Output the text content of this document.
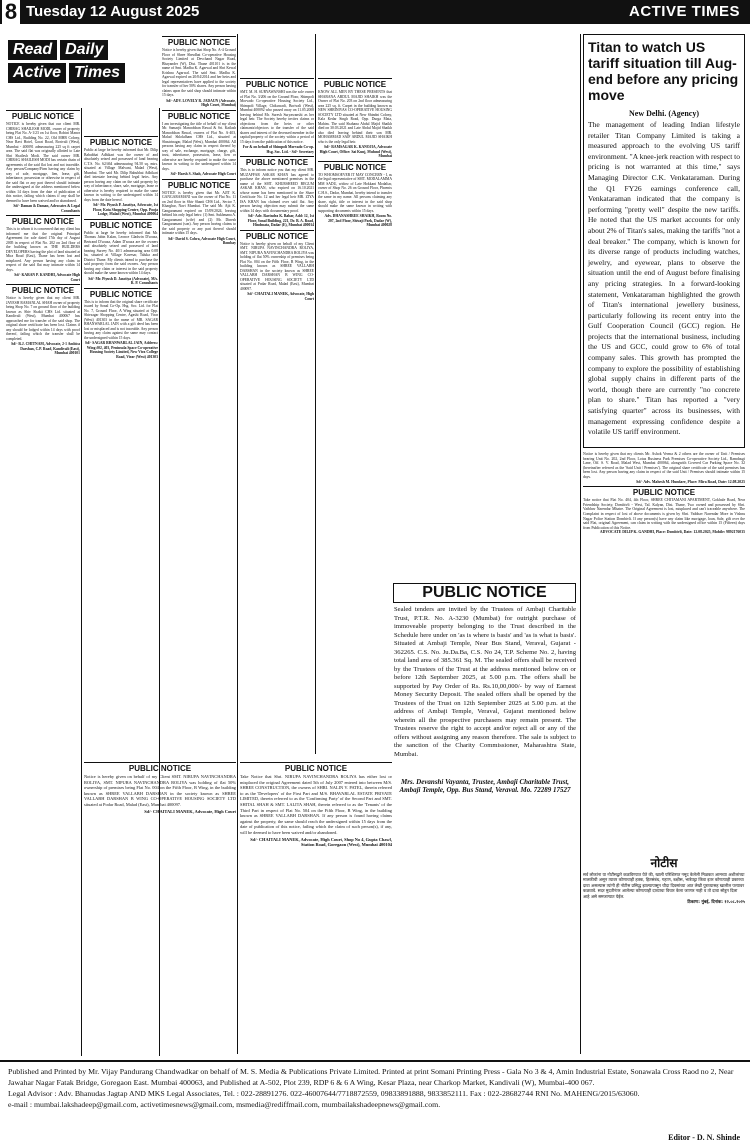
8 Tuesday 12 August 2025	ACTIVE TIMES
Read Daily
Active Times
PUBLIC NOTICE

NOTICE is hereby given that our client MR. CHIRAG SHAILESH MODI, owner of property being Flat No. A-1/23 on 1st floor, Rohini Manor CHS Ltd., Building No. 22, Old MHB Colony, Near Ravi Hotel, Gorai Road, Borivali (West), Mumbai - 400091 admeasuring 225 sq ft carpet area. The said flat was originally allotted to Late Shri Shailesh Modi. The said owner MR. CHIRAG SHAILESH MODI has certain chain of agreements of the said flat lost and not traceable. Any person/Company/Firm having any claim by way of sale, mortgage, lien, lease, gift, inheritance, possession or otherwise in respect of the said flat or any part thereof should intimate the undersigned at the address mentioned below within 14 days from the date of publication of this notice, failing which claims if any shall be deemed to have been waived and/or abandoned.

Sd/- Daman & Daman, Advocates & Legal Consultants

PUBLIC NOTICE

This is to whom it is concerned that my client has informed me that the original Principal Agreement for sale dated 17th day of August 2005 in respect of Flat No. 202 on 2nd floor of the building known as THE BUILDERS DEVELOPERS having the plot of land situated at Mira Road (East), Thane has been lost and misplaced. Any person having any claim in respect of the said flat may intimate within 14 days.

Sd/- KARAN P. KANDHI, Advocate High Court

PUBLIC NOTICE

Notice is hereby given that my client MR. JAYESH RAMANLAL SHAH owner of property being Shop No. 7 on ground floor of the building known as Shiv Shakti CHS Ltd. situated at Kandivali (West), Mumbai 400067 has approached me for transfer of the said shop. The original share certificate has been lost. Claims if any should be lodged within 14 days with proof thereof, failing which the transfer shall be completed.

Sd/- R.J. CHITNAM, Advocate, 2-1 Ambica Darshan, C.P. Road, Kandivali (East), Mumbai 400101

PUBLIC NOTICE

Public at large be hereby informed that Mr. Dilip Babubhai Adhikari was the owner of and absolutely seized and possessed of land bearing C.T.S. No. 62/464 admeasuring 94.50 sq. mtrs. situated at Village Malvani, Malad (West), Mumbai. The said Mr. Dilip Babubhai Adhikari died intestate leaving behind legal heirs. Any person having any claim on the said property by way of inheritance, share, sale, mortgage, lease or otherwise is hereby required to make the same known in writing to the undersigned within 14 days from the date hereof.

Sd/- Mr. Piyush P. Jasotiya, Advocate, 1st Floor, Kota Shopping Centre, Opp. Pooja Lodge, Malad (West), Mumbai 400064

PUBLIC NOTICE

Public at large be hereby informed that Mr. Thomas Jabin Kalan, Leonce Gladwin D'souza, Bertrand D'souza, Adam D'souza are the owners and absolutely seized and possessed of land bearing Survey No. 40/1 admeasuring area 0.08 ha, situated at Village Kavesar, Taluka and District Thane. My clients intend to purchase the said property from the said owners. Any person having any claim or interest in the said property should make the same known within 14 days.

Sd/- Mr. Piyush D. Jasotiya (Advocate), M/s. R. P. Consultants

PUBLIC NOTICE

This is to inform that the original share certificate issued by Sonal Co-Op. Hsg. Soc. Ltd. for Flat No. 7, Ground Floor, A Wing situated at Opp. Shivsagar Shopping Centre, Agashi Road, Virar (West) 401303 in the name of MR. SAGAR BHANWARLAL JAIN with a gift deed has been lost or misplaced and is not traceable. Any person having any claim against the same may contact the undersigned within 15 days.

Sd/- SAGAR BHANWARLAL JAIN, Address: Wing #02, 403, Peninsula Space Co-operative Housing Society Limited, New Viva College Road, Virar (West) 401303

PUBLIC NOTICE

Notice is hereby given that Shop No. A-4 Ground Floor of Shree Shesdhat Co-operative Housing Society Limited at Devchand Nagar Road, Bhayander (W), Dist. Thane 401101 is in the name of Smt. Madhu K. Agarwal and Shri Kewal Krishna Agarwal. The said Smt. Madhu K. Agarwal expired on 20/04/2014 and her heirs and legal representatives have applied to the society for transfer of her 50% shares. Any person having claims upon the said shop should intimate within 15 days.

Sd/- ADV. LOVELY R. JADAUN (Advocate, High Court, Mumbai)

PUBLIC NOTICE

I am investigating the title of behalf of my client Mr. Samarjit Manoobhan Rawal & Sri. Kailash Manoobhan Rawal, owners of Flat No. A-403, Malad Shlokdham CHS Ltd., situated at Shastrinagar, Malad (West), Mumbai 400064. All persons having any claim in respect thereof by way of sale, exchange, mortgage, charge, gift, trust, inheritance, possession, lease, lien or otherwise are hereby required to make the same known in writing to the undersigned within 14 days.

Sd/- Harsh S. Shah, Advocate High Court

PUBLIC NOTICE

NOTICE is hereby given that Mr. AJIT K. GANGARAMANI was the owner of Flat No. 11 on 2nd floor in Shiv Shanti CHS Ltd., Sector 7, Kharghar, Navi Mumbai. The said Mr. Ajit K. Gangaramani expired on 15/09/2024, leaving behind his only legal heirs: (1) Smt. Sukhmana A. Gangaramani (wife) and (2) Mr. Dinesh Gangaramani (son). Any person having claims to the said property or any part thereof should intimate within 15 days.

Sd/- David S. Cobra, Advocate High Court, Bombay

PUBLIC NOTICE

SMT. M. H. SURYAWANSHI was the sole owner of Flat No. 3/206 on the Ground Floor, Shimpoli Morvado Co-operative Housing Society Ltd., Shimpoli Village, Chikuwadi, Borivali (West), Mumbai 400092 who passed away on 11.05.2008 leaving behind Mr. Suresh Suryawanshi as her legal heir. The Society hereby invites claims or objections from the heirs or other claimants/objectors to the transfer of the said shares and interest of the deceased member in the capital/property of the society within a period of 15 days from the publication of this notice.

For & on behalf of Shimpoli Morvado Co-op. Hsg. Soc. Ltd. - Sd/- Secretary

PUBLIC NOTICE

This is to inform notice you that my client MR. MUZAFFAR ASKAR KHAN has agreed to purchase the above mentioned premises in the name of the SMT. KHURSHEED BEGUM ASKAR KHAN, who expired on 16.10.2021 whose name has been mentioned in the Share Certificate No. 12 and her legal heir MR. ZIYA ISA KHAN has claimed over said flat. Any person having objection may submit the same within 14 days with documentary proof.

Sd/- Adv. Ravindra K. Babar, Add: 12, 1st Floor, Sonal Building, 221, Dr. B. A. Road, Hindmata, Dadar (E), Mumbai 400014

PUBLIC NOTICE

Notice is hereby given on behalf of my Client SMT. NIRUPA NAVINCHANDRA ROLIYA, SMT. NIPURA NAVINCHANDRA ROLIYA was holding of flat 50% ownership of premises being Flat No. 004 on the Fifth Floor, B Wing, in the building known as SHREE VALLABH DARSHAN in the society known as SHREE VALLABH DARSHAN B WING CO-OPERATIVE HOUSING SOCIETY LTD situated at Podar Road, Malad (East), Mumbai 400097.

Sd/- CHAITALI MANEK, Advocate, High Court

PUBLIC NOTICE

KNOW ALL MEN BY THESE PRESENTS that SHABANA ABDUL MAJID SHAIKH was the Owner of Flat No. 203 on 2nd floor admeasuring area 225 sq. ft. Carpet in the building known as NEW SHRINIVAS CO-OPERATIVE HOUSING SOCIETY LTD situated at New Shindni Colony, Kala Kedar Singh Road, Opp. Durga Mata, Mahim. The said Shabana Abdul Majid Shaikh died on 30.03.2021 and Late Abdul Majid Shaikh also died leaving behind their son MR. MOHAMMAD SAIF ABDUL MAJID SHAIKH who is the only legal heir.

Sd/- RAMSAGAR K. KANOJIA, Advocate High Court, Office: Sai Kunj, Mulund (West), Mumbai

PUBLIC NOTICE

TO WHOMSOEVER IT MAY CONCERN - I, as the legal representative of SMT. MODALAMMA MM SADU, widow of Late Hokkani Modaliar, owner of Shop No. 26 on Ground Floor, Phoenix C.H.S., Dadar, Mumbai, hereby intend to transfer the same in my name. All persons claiming any share, right, title or interest in the said shop should make the same known in writing with supporting documents within 15 days.

Adv. DHANASHREE SHAIKH, Room No. 207, 2nd Floor, Shivaji Park, Dadar (W), Mumbai 400028

PUBLIC NOTICE

Take Notice that Shri. NIRUPA NAVINCHANDRA ROLIYA has either lost or misplaced the original Agreement dated 5th of July 2007 entered into between M/S. SHREE CONSTRUCTION, the owners of SHRI. NALIN V. PATEL, therein referred to as the 'Developers' of the First Part and M/S. BHAVARLAL ESTATE PRIVATE LIMITED, therein referred to as the 'Confirming Party' of the Second Part and SMT. SHITAL SHAH & SMT. LALITA SHAH, therein referred to as the 'Tenants' of the Third Part in respect of Flat No. 504 on the Fifth Floor, B Wing, in the building known as SHREE VALLABH DARSHAN. If any person is found having claims against the property, the same should reach the undersigned within 15 days from the date of publication of this notice, failing which the claim of such person(s), if any, will be deemed to have been waived and/or abandoned.

Sd/- CHAITALI MANEK, Advocate, High Court, Shop No 4, Gupta Chawl, Station Road, Goregaon (West), Mumbai 400104

PUBLIC NOTICE

Notice is hereby given on behalf of my Client SMT. NIRUPA NAVINCHANDRA ROLIYA, SMT. NIPURA NAVINCHANDRA ROLIYA was holding of flat 50% ownership of premises being Flat No. 004 on the Fifth Floor, B Wing, in the building known as SHREE VALLABH DARSHAN in the society known as SHREE VALLABH DARSHAN B WING CO-OPERATIVE HOUSING SOCIETY LTD situated at Podar Road, Malad (East), Mumbai 400097.

Sd/- CHAITALI MANEK, Advocate, High Court

PUBLIC NOTICE
Sealed tenders are invited by the Trustees of Ambaji Charitable Trust, P.T.R. No. A-3230 (Mumbai) for outright purchase of immoveable property belonging to the Trust described in the Schedule here under on 'as is where is basis' and 'as is what is basis'. Situated at Ambaji Temple, Near Bus Stand, Veraval, Gujarat - 362265. C.S. No. Ju.Da.Ba, C.S. No 24, T.P. Scheme No. 2, having total land area of 385.361 Sq. M. The sealed offers shall be received by the Trustees of the Trust at the address mentioned below on or before 12th September 2025, at 5.00 p.m. The offers shall be supported by Pay Order of Rs. Rs.10,00,000/- by way of Earnest Money Security Deposit. The sealed offers shall be opened by the Trustees of the Trust on 12th September 2025 at 5.00 p.m. at the address of Ambaji Temple, Veraval, Gujarat mentioned below wherein all the prospective purchasers may remain present. The Trustees reserve the right to accept and/or reject all or any of the offers without assigning any reason therefore. The sale is subject to the sanction of the Charity Commissioner, Maharashtra State, Mumbai.
Mrs. Devanshi Vayanta, Trustee, Ambaji Charitable Trust, Ambaji Temple, Opp. Bus Stand, Veraval. Mo. 72289 17527
Titan to watch US tariff situation till Aug-end before any pricing move
New Delhi. (Agency)
The management of leading Indian lifestyle retailer Titan Company Limited is taking a measured approach to the evolving US tariff environment. "A knee-jerk reaction with respect to pricing is not warranted at this time," says Managing Director C.K. Venkataraman. During the Q1 FY26 earnings conference call, Venkataraman indicated that the company is performing "pretty well" despite the new tariffs. He noted that the US market accounts for only about 2% of Titan's sales, making the tariffs "not a deal breaker." The company, which is known for its diverse range of products including watches, jewelry, and eyewear, plans to observe the situation until the end of August before finalising any pricing strategies. In a forward-looking statement, Venkataraman highlighted the growth of Titan's international jewellery business, particularly following its recent entry into the Gulf Cooperation Council (GCC) region. He projects that the international business, including the US and GCC, could grow to 6% of total company sales. This growth has prompted the company to explore the possibility of establishing global supply chains in different parts of the world, though there are currently "no concrete plan to share." Titan has reported a "very satisfying quarter" across its businesses, with management expressing confidence despite a volatile US tariff environment.

Notice is hereby given that my clients Mr. Ashok Verma & 2 others are the owner of Unit / Premises bearing Unit No. 202, 2nd Floor, Lotus Business Park Premises Co-operative Society Ltd., Ramdasgi Lane, Off. S. V. Road, Malad West, Mumbai 400064, alongwith Covered Car Parking Space No. 32 (hereinafter referred as the 'Said Unit / Premises'). The original share certificate of the said premises has been lost. Any person having any claim in respect of the said Unit / Premises should intimate within 15 days.

Sd/- Adv. Mahesh M. Hundare, Place: Mira Road, Date: 12.08.2025

PUBLIC NOTICE

Take notice that Flat No. 404, 4th Floor, SHREE CHITAMANI APARTMENT, Gokhale Road, Near Friendship Society, Dombivli - West, Tal. Kalyan, Dist. Thane, Two owned and possessed by Shri. Vaibhav Narendar Mhatre. The Original Agreement is lost, misplaced and can't traceable anywhere. The Complaint in respect of lost of above documents is given by Shri. Vaibhav Narendar More in Vishnu Nagar Police Station Dombivli. If any person(s) have any claim like mortgage, loan, Sale, gift over the said Flat, original Agreement, can claim in writing with the undersigned office within 15 (Fifteen) days from Publication of this Notice.

ADVOCATE DILIP K. GANDHI, Place: Dombivli, Date: 12.08.2025, Mobile: 9892176035

नोटीस

सर्व लोकांना या नोटीसद्वारे कळविण्यात येते की, खाली परिशिष्टात नमूद केलेली मिळकत आमच्या अशीलांच्या मालकीची असून त्यावर कोणाचाही हक्क, हितसंबंध, गहाण, बक्षीस, भाडेपट्टा किंवा इतर कोणत्याही प्रकारचा दावा असल्यास त्यांनी ही नोटीस प्रसिद्ध झाल्यापासून चौदा दिवसांच्या आत लेखी पुराव्यासह खालील पत्त्यावर कळवावे. सदर मुदतीनंतर आलेल्या कोणत्याही दाव्याचा विचार केला जाणार नाही व तो दावा सोडून दिला आहे असे समजण्यात येईल.

ठिकाण: मुंबई, दिनांक: १२.०८.२०२५

Published and Printed by Mr. Vijay Pandurang Chandwadkar on behalf of M. S. Media & Publications Private Limited. Printed at print Somani Printing Press - Gala No 3 & 4, Amin Industrial Estate, Sonawala Cross Raod no 2, Near Jawahar Nagar Fatak Bridge, Goregaon East. Mumbai 400063, and Published at A-502, Plot 239, RDP 6 & 6 A Wing, Kesar Plaza, near Charkop Market, Kandivali (W), Mumbai-400 067.

Legal Advisor : Adv. Bhanudas Jagtap AND MKS Legal Associates, Tel. : 022-28891276. 022-46007644/7718872559, 09833891888, 9833852111. Fax : 022-28682744 RNI No. MAHENG/2015/63060.

e-mail : mumbai.lakshadeep@gmail.com, activetimesnews@gmail.com, msmedia@rediffmail.com, mumbailakshadeepnews@gmail.com.

Editor - D. N. Shinde
